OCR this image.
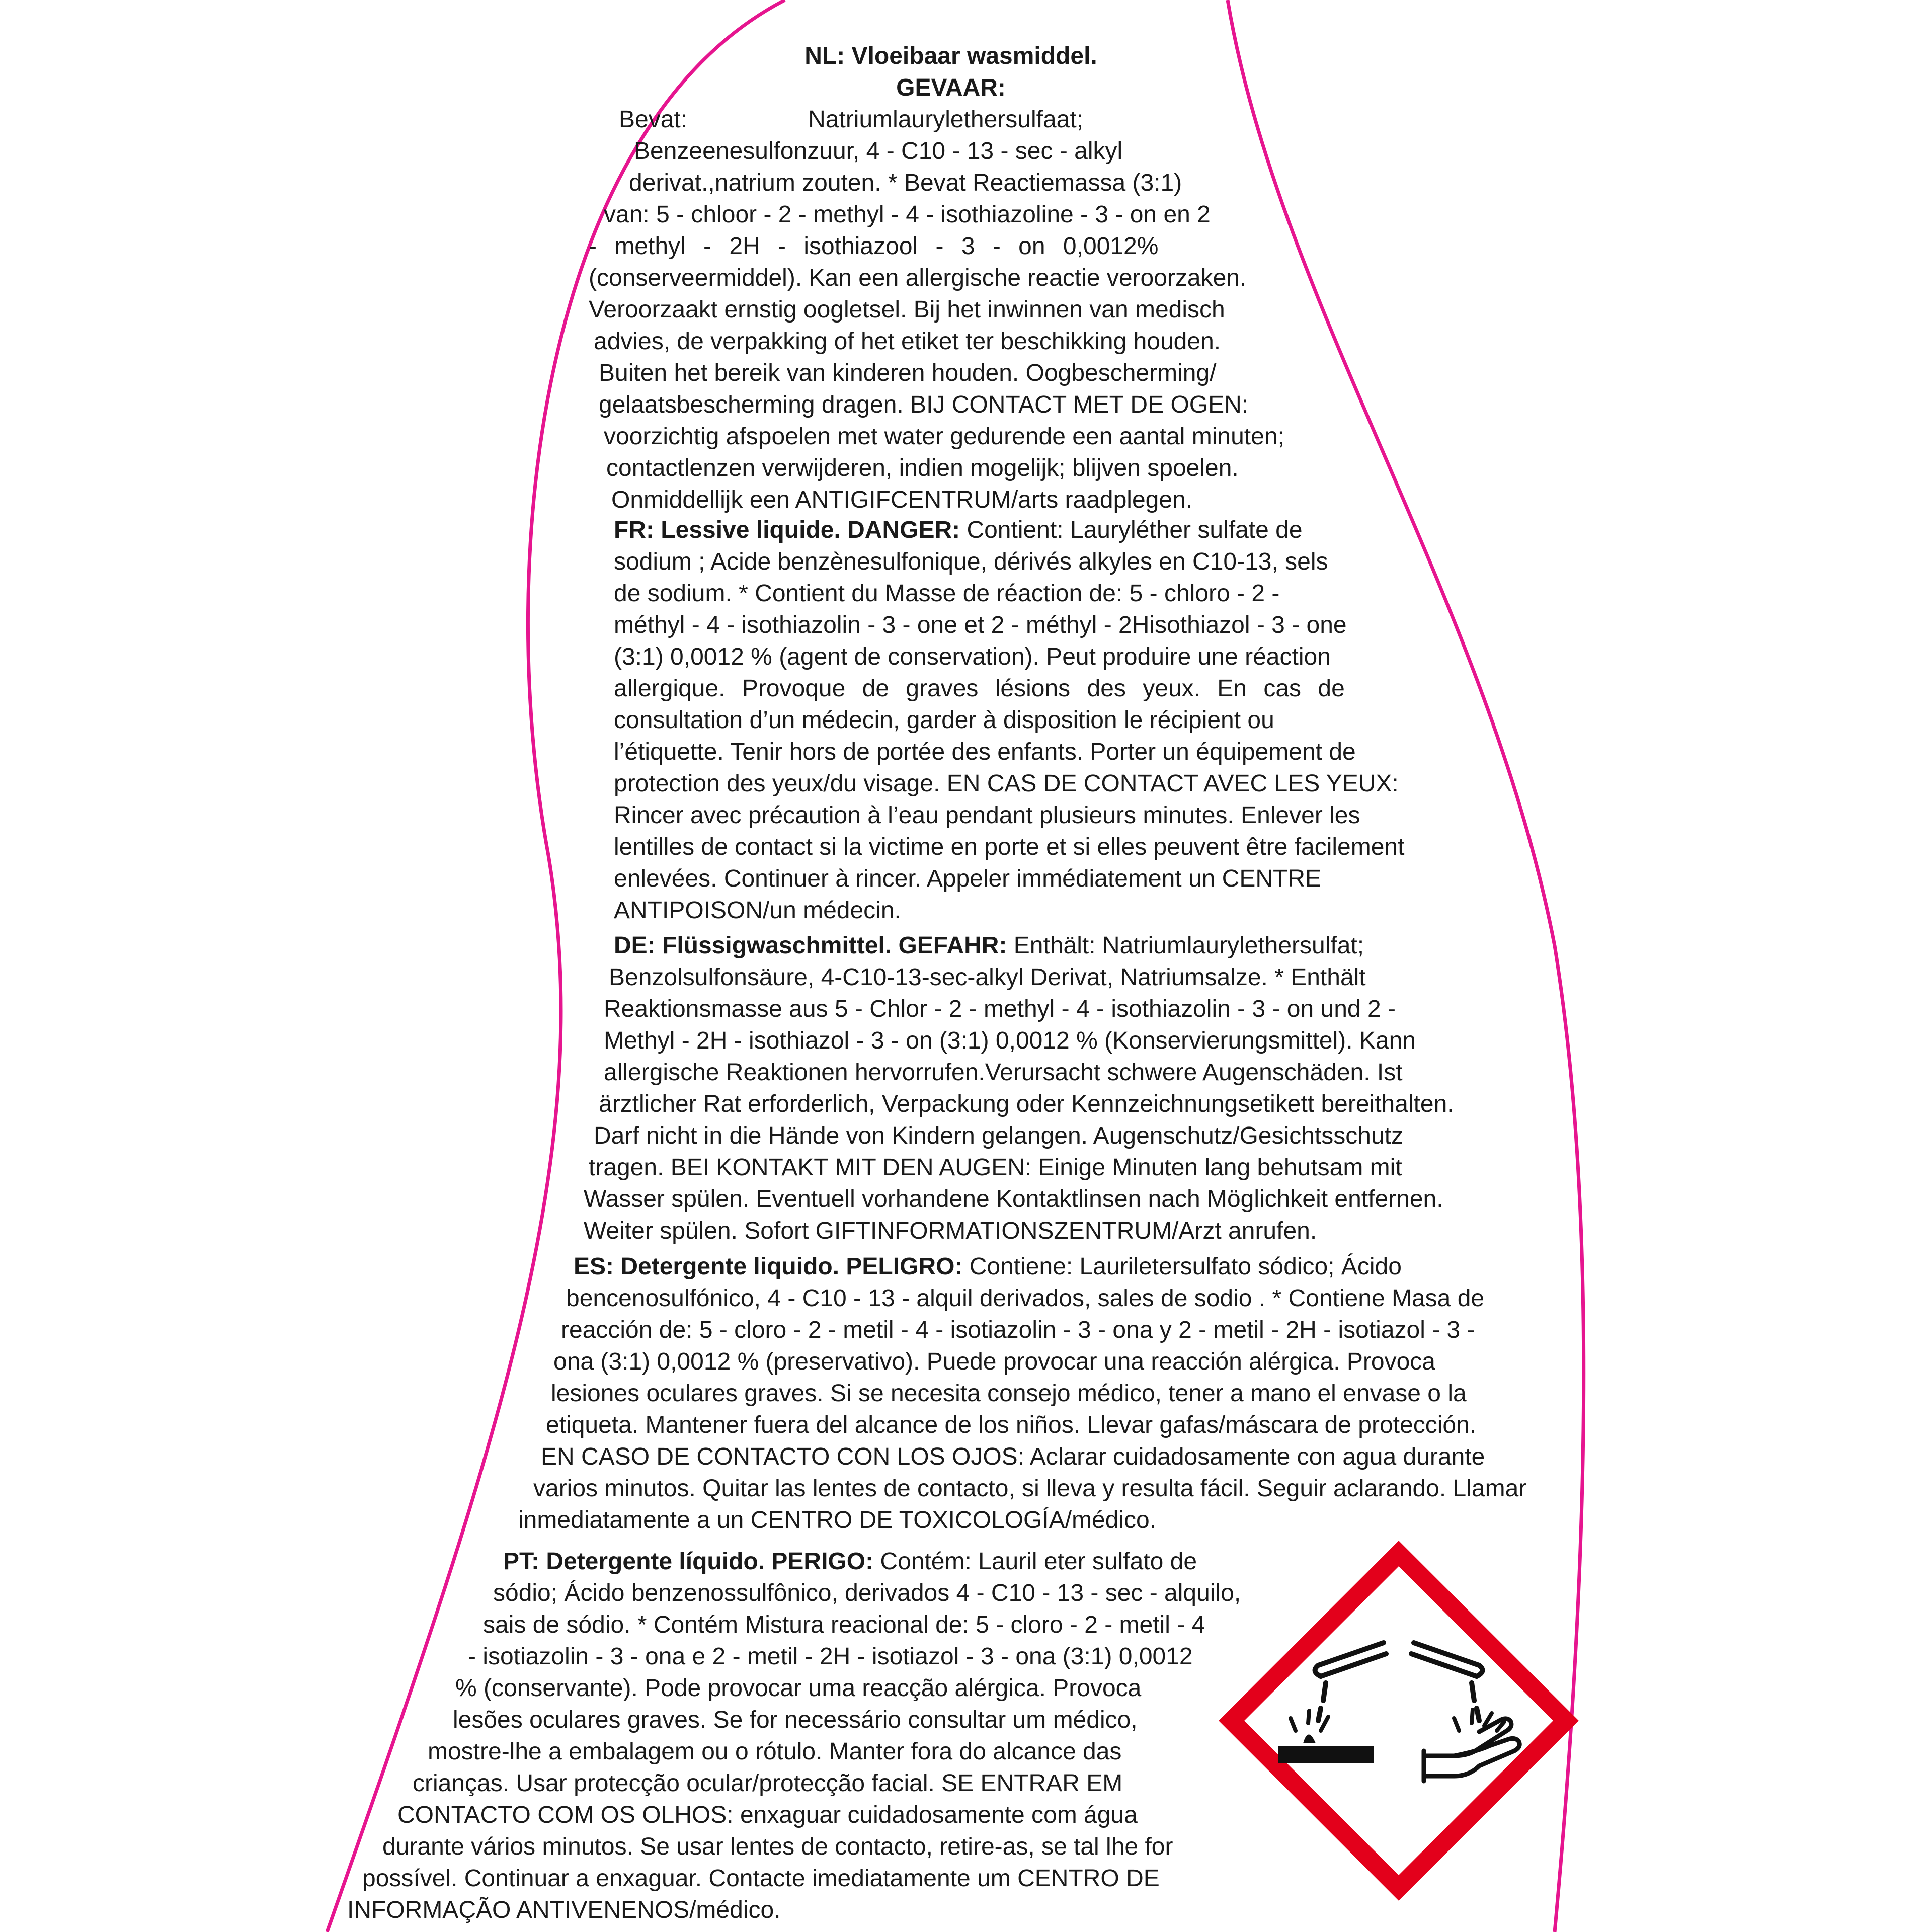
NL: Vloeibaar wasmiddel.
GEVAAR:
Bevat:                  Natriumlaurylethersulfaat;
Benzeenesulfonzuur, 4 - C10 - 13 - sec - alkyl
derivat.,natrium zouten. * Bevat Reactiemassa (3:1)
van: 5 - chloor - 2 - methyl - 4 - isothiazoline - 3 - on en 2
- methyl - 2H - isothiazool - 3 - on 0,0012%
(conserveermiddel). Kan een allergische reactie veroorzaken.
Veroorzaakt ernstig oogletsel. Bij het inwinnen van medisch
advies, de verpakking of het etiket ter beschikking houden.
Buiten het bereik van kinderen houden. Oogbescherming/
gelaatsbescherming dragen. BIJ CONTACT MET DE OGEN:
voorzichtig afspoelen met water gedurende een aantal minuten;
contactlenzen verwijderen, indien mogelijk; blijven spoelen.
Onmiddellijk een ANTIGIFCENTRUM/arts raadplegen.
FR: Lessive liquide. DANGER: Contient: Lauryléther sulfate de
sodium ; Acide benzènesulfonique, dérivés alkyles en C10-13, sels
de sodium. * Contient du Masse de réaction de: 5 - chloro - 2 -
méthyl - 4 - isothiazolin - 3 - one et 2 - méthyl - 2Hisothiazol - 3 - one
(3:1) 0,0012 % (agent de conservation). Peut produire une réaction
allergique. Provoque de graves lésions des yeux. En cas de
consultation d’un médecin, garder à disposition le récipient ou
l’étiquette. Tenir hors de portée des enfants. Porter un équipement de
protection des yeux/du visage. EN CAS DE CONTACT AVEC LES YEUX:
Rincer avec précaution à l’eau pendant plusieurs minutes. Enlever les
lentilles de contact si la victime en porte et si elles peuvent être facilement
enlevées. Continuer à rincer. Appeler immédiatement un CENTRE
ANTIPOISON/un médecin.
DE: Flüssigwaschmittel. GEFAHR: Enthält: Natriumlaurylethersulfat;
Benzolsulfonsäure, 4-C10-13-sec-alkyl Derivat, Natriumsalze. * Enthält
Reaktionsmasse aus 5 - Chlor - 2 - methyl - 4 - isothiazolin - 3 - on und 2 -
Methyl - 2H - isothiazol - 3 - on (3:1) 0,0012 % (Konservierungsmittel). Kann
allergische Reaktionen hervorrufen.Verursacht schwere Augenschäden. Ist
ärztlicher Rat erforderlich, Verpackung oder Kennzeichnungsetikett bereithalten.
Darf nicht in die Hände von Kindern gelangen. Augenschutz/Gesichtsschutz
tragen. BEI KONTAKT MIT DEN AUGEN: Einige Minuten lang behutsam mit
Wasser spülen. Eventuell vorhandene Kontaktlinsen nach Möglichkeit entfernen.
Weiter spülen. Sofort GIFTINFORMATIONSZENTRUM/Arzt anrufen.
ES: Detergente liquido. PELIGRO: Contiene: Lauriletersulfato sódico; Ácido
bencenosulfónico, 4 - C10 - 13 - alquil derivados, sales de sodio . * Contiene Masa de
reacción de: 5 - cloro - 2 - metil - 4 - isotiazolin - 3 - ona y 2 - metil - 2H - isotiazol - 3 -
ona (3:1) 0,0012 % (preservativo). Puede provocar una reacción alérgica. Provoca
lesiones oculares graves. Si se necesita consejo médico, tener a mano el envase o la
etiqueta. Mantener fuera del alcance de los niños. Llevar gafas/máscara de protección.
EN CASO DE CONTACTO CON LOS OJOS: Aclarar cuidadosamente con agua durante
varios minutos. Quitar las lentes de contacto, si lleva y resulta fácil. Seguir aclarando. Llamar
inmediatamente a un CENTRO DE TOXICOLOGÍA/médico.
PT: Detergente líquido. PERIGO: Contém: Lauril eter sulfato de
sódio; Ácido benzenossulfônico, derivados 4 - C10 - 13 - sec - alquilo,
sais de sódio. * Contém Mistura reacional de: 5 - cloro - 2 - metil - 4
- isotiazolin - 3 - ona e 2 - metil - 2H - isotiazol - 3 - ona (3:1) 0,0012
% (conservante). Pode provocar uma reacção alérgica. Provoca
lesões oculares graves. Se for necessário consultar um médico,
mostre-lhe a embalagem ou o rótulo. Manter fora do alcance das
crianças. Usar protecção ocular/protecção facial. SE ENTRAR EM
CONTACTO COM OS OLHOS: enxaguar cuidadosamente com água
durante vários minutos. Se usar lentes de contacto, retire-as, se tal lhe for
possível. Continuar a enxaguar. Contacte imediatamente um CENTRO DE
INFORMAÇÃO ANTIVENENOS/médico.
